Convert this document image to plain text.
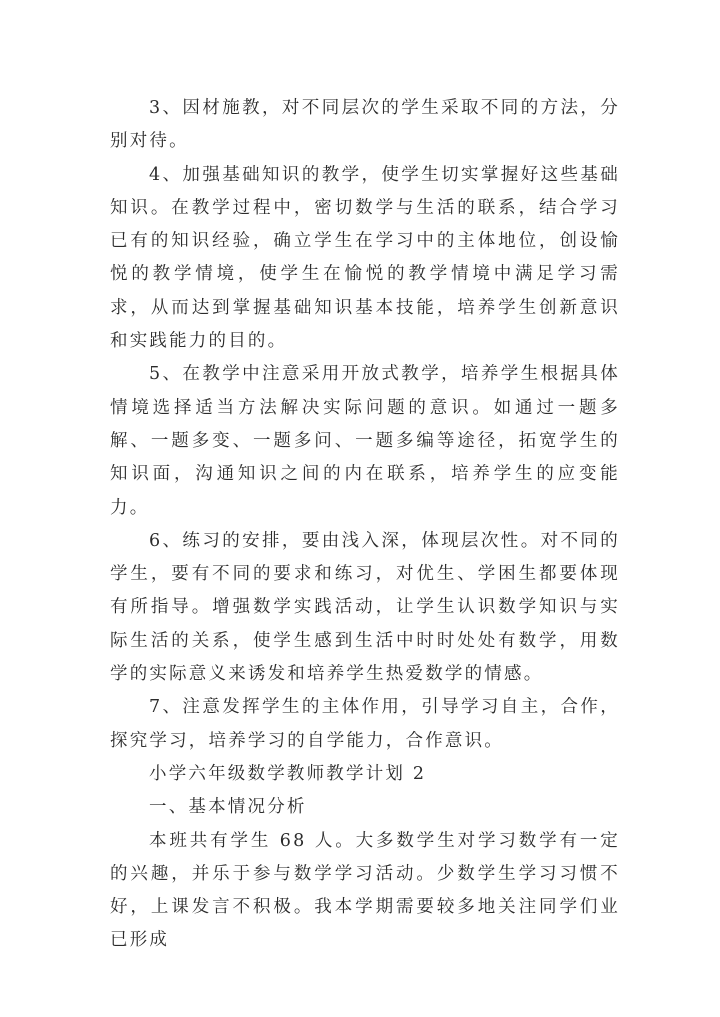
3、因材施教，对不同层次的学生采取不同的方法，分别对待。

4、加强基础知识的教学，使学生切实掌握好这些基础知识。在教学过程中，密切数学与生活的联系，结合学习已有的知识经验，确立学生在学习中的主体地位，创设愉悦的教学情境，使学生在愉悦的教学情境中满足学习需求，从而达到掌握基础知识基本技能，培养学生创新意识和实践能力的目的。

5、在教学中注意采用开放式教学，培养学生根据具体情境选择适当方法解决实际问题的意识。如通过一题多解、一题多变、一题多问、一题多编等途径，拓宽学生的知识面，沟通知识之间的内在联系，培养学生的应变能力。

6、练习的安排，要由浅入深，体现层次性。对不同的学生，要有不同的要求和练习，对优生、学困生都要体现有所指导。增强数学实践活动，让学生认识数学知识与实际生活的关系，使学生感到生活中时时处处有数学，用数学的实际意义来诱发和培养学生热爱数学的情感。

7、注意发挥学生的主体作用，引导学习自主，合作，探究学习，培养学习的自学能力，合作意识。

小学六年级数学教师教学计划 2

一、基本情况分析

本班共有学生 68 人。大多数学生对学习数学有一定的兴趣，并乐于参与数学学习活动。少数学生学习习惯不好，上课发言不积极。我本学期需要较多地关注同学们业已形成
